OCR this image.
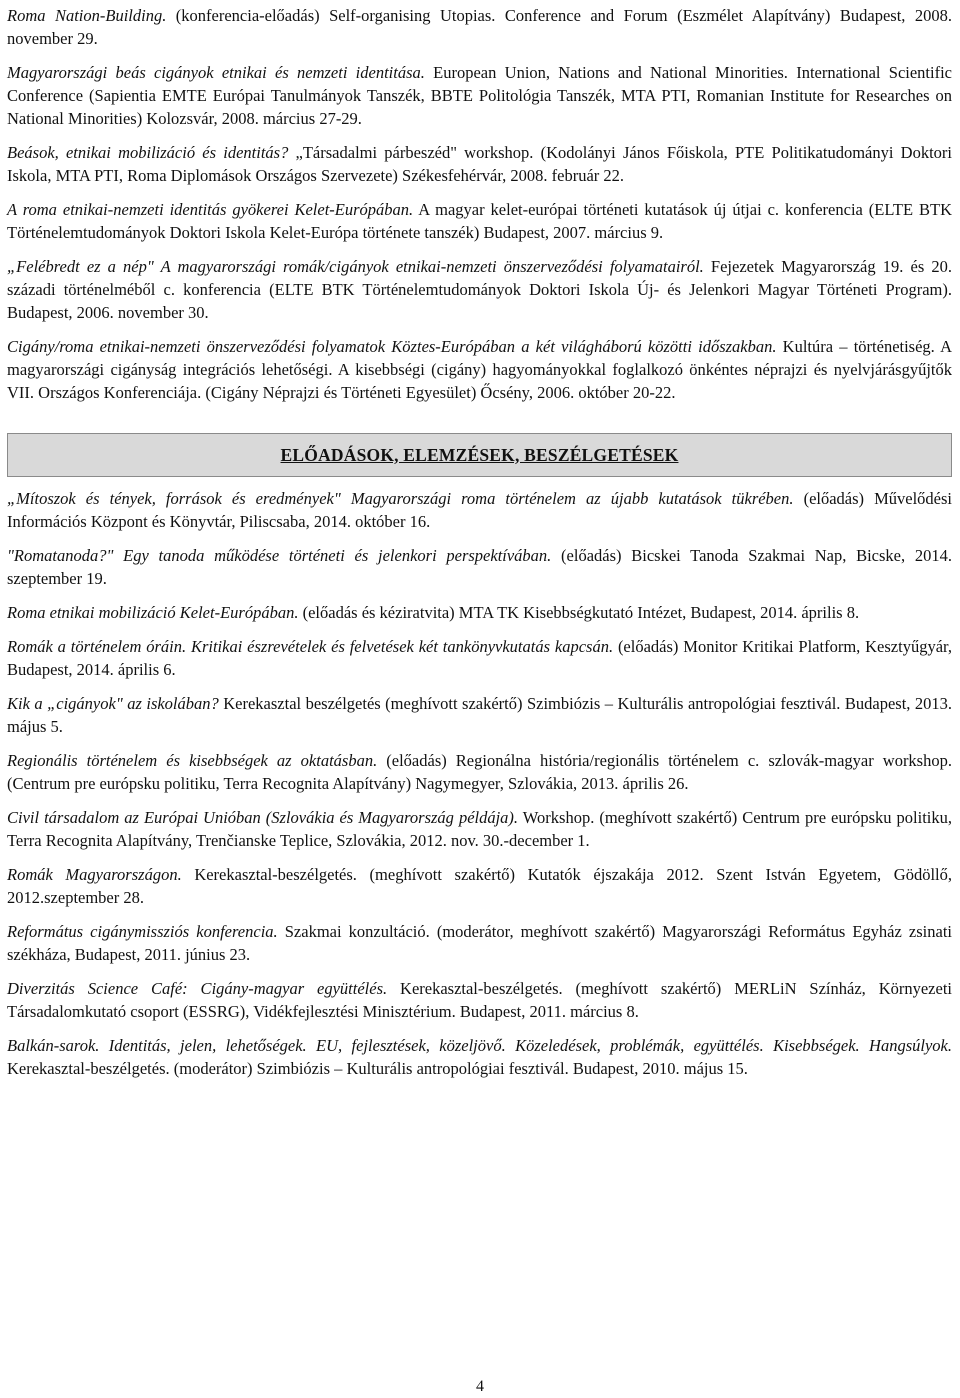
Roma Nation-Building. (konferencia-előadás) Self-organising Utopias. Conference and Forum (Eszmélet Alapítvány) Budapest, 2008. november 29.

Magyarországi beás cigányok etnikai és nemzeti identitása. European Union, Nations and National Minorities. International Scientific Conference (Sapientia EMTE Európai Tanulmányok Tanszék, BBTE Politológia Tanszék, MTA PTI, Romanian Institute for Researches on National Minorities) Kolozsvár, 2008. március 27-29.

Beások, etnikai mobilizáció és identitás? „Társadalmi párbeszéd" workshop. (Kodolányi János Főiskola, PTE Politikatudományi Doktori Iskola, MTA PTI, Roma Diplomások Országos Szervezete) Székesfehérvár, 2008. február 22.

A roma etnikai-nemzeti identitás gyökerei Kelet-Európában. A magyar kelet-európai történeti kutatások új útjai c. konferencia (ELTE BTK Történelemtudományok Doktori Iskola Kelet-Európa története tanszék) Budapest, 2007. március 9.

„Felébredt ez a nép" A magyarországi romák/cigányok etnikai-nemzeti önszerveződési folyamatairól. Fejezetek Magyarország 19. és 20. századi történelméből c. konferencia (ELTE BTK Történelemtudományok Doktori Iskola Új- és Jelenkori Magyar Történeti Program). Budapest, 2006. november 30.

Cigány/roma etnikai-nemzeti önszerveződési folyamatok Köztes-Európában a két világháború közötti időszakban. Kultúra – történetiség. A magyarországi cigányság integrációs lehetőségi. A kisebbségi (cigány) hagyományokkal foglalkozó önkéntes néprajzi és nyelvjárásgyűjtők VII. Országos Konferenciája. (Cigány Néprajzi és Történeti Egyesület) Őcsény, 2006. október 20-22.

ELŐADÁSOK, ELEMZÉSEK, BESZÉLGETÉSEK

„Mítoszok és tények, források és eredmények" Magyarországi roma történelem az újabb kutatások tükrében. (előadás) Művelődési Információs Központ és Könyvtár, Piliscsaba, 2014. október 16.

"Romatanoda?" Egy tanoda működése történeti és jelenkori perspektívában. (előadás) Bicskei Tanoda Szakmai Nap, Bicske, 2014. szeptember 19.

Roma etnikai mobilizáció Kelet-Európában. (előadás és kéziratvita) MTA TK Kisebbségkutató Intézet, Budapest, 2014. április 8.

Romák a történelem óráin. Kritikai észrevételek és felvetések két tankönyvkutatás kapcsán. (előadás) Monitor Kritikai Platform, Kesztyűgyár, Budapest, 2014. április 6.

Kik a „cigányok" az iskolában? Kerekasztal beszélgetés (meghívott szakértő) Szimbiózis – Kulturális antropológiai fesztivál. Budapest, 2013. május 5.

Regionális történelem és kisebbségek az oktatásban. (előadás) Regionálna história/regionális történelem c. szlovák-magyar workshop. (Centrum pre európsku politiku, Terra Recognita Alapítvány) Nagymegyer, Szlovákia, 2013. április 26.

Civil társadalom az Európai Unióban (Szlovákia és Magyarország példája). Workshop. (meghívott szakértő) Centrum pre európsku politiku, Terra Recognita Alapítvány, Trenčianske Teplice, Szlovákia, 2012. nov. 30.-december 1.

Romák Magyarországon. Kerekasztal-beszélgetés. (meghívott szakértő) Kutatók éjszakája 2012. Szent István Egyetem, Gödöllő, 2012.szeptember 28.

Református cigánymissziós konferencia. Szakmai konzultáció. (moderátor, meghívott szakértő) Magyarországi Református Egyház zsinati székháza, Budapest, 2011. június 23.

Diverzitás Science Café: Cigány-magyar együttélés. Kerekasztal-beszélgetés. (meghívott szakértő) MERLiN Színház, Környezeti Társadalomkutató csoport (ESSRG), Vidékfejlesztési Minisztérium. Budapest, 2011. március 8.

Balkán-sarok. Identitás, jelen, lehetőségek. EU, fejlesztések, közeljövő. Közeledések, problémák, együttélés. Kisebbségek. Hangsúlyok. Kerekasztal-beszélgetés. (moderátor) Szimbiózis – Kulturális antropológiai fesztivál. Budapest, 2010. május 15.

4
